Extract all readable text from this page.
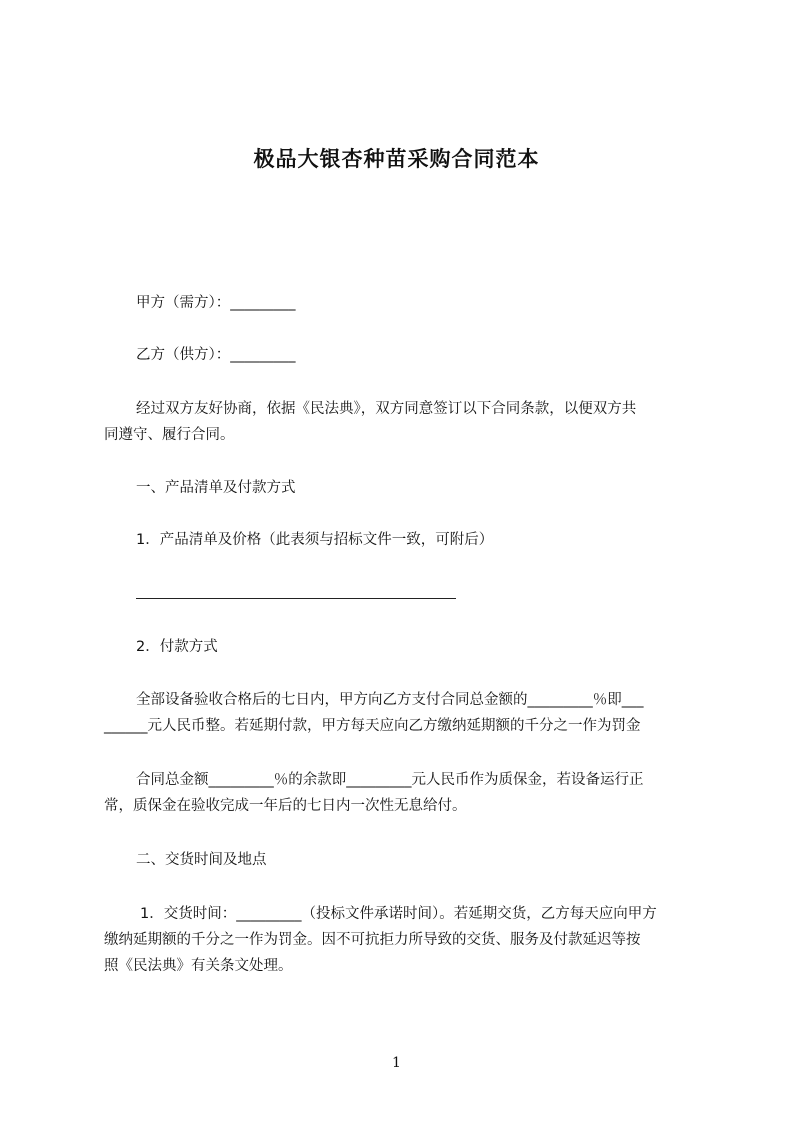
极品大银杏种苗采购合同范本
甲方（需方）：_________
乙方（供方）：_________
经过双方友好协商，依据《民法典》，双方同意签订以下合同条款，以便双方共
同遵守、履行合同。
一、产品清单及付款方式
1．产品清单及价格（此表须与招标文件一致，可附后）
2．付款方式
全部设备验收合格后的七日内，甲方向乙方支付合同总金额的_________％即___
______元人民币整。若延期付款，甲方每天应向乙方缴纳延期额的千分之一作为罚金
合同总金额_________％的余款即_________元人民币作为质保金，若设备运行正
常，质保金在验收完成一年后的七日内一次性无息给付。
二、交货时间及地点
1．交货时间：_________（投标文件承诺时间）。若延期交货，乙方每天应向甲方
缴纳延期额的千分之一作为罚金。因不可抗拒力所导致的交货、服务及付款延迟等按
照《民法典》有关条文处理。
1
